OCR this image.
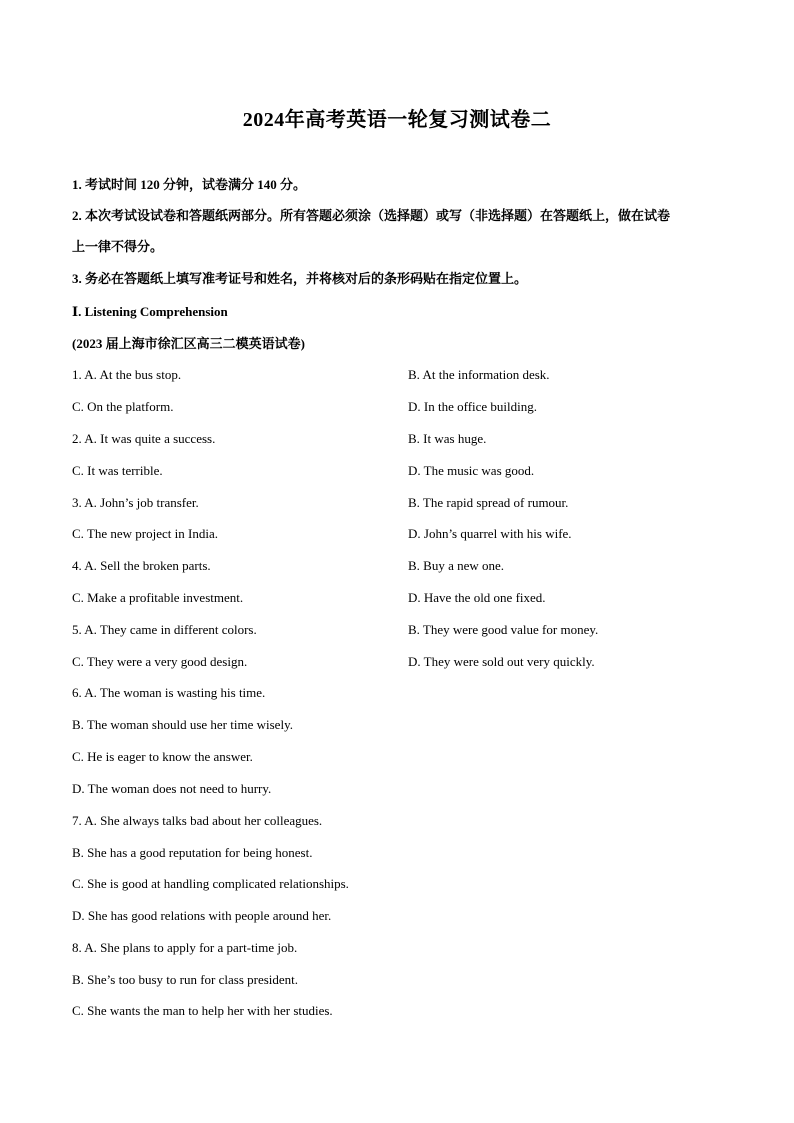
2024年高考英语一轮复习测试卷二
1. 考试时间 120 分钟，试卷满分 140 分。
2. 本次考试设试卷和答题纸两部分。所有答题必须涂（选择题）或写（非选择题）在答题纸上，做在试卷
上一律不得分。
3. 务必在答题纸上填写准考证号和姓名，并将核对后的条形码贴在指定位置上。
Ⅰ. Listening Comprehension
(2023 届上海市徐汇区高三二模英语试卷)
1. A. At the bus stop.	B. At the information desk.
C. On the platform.	D. In the office building.
2. A. It was quite a success.	B. It was huge.
C. It was terrible.	D. The music was good.
3. A. John’s job transfer.	B. The rapid spread of rumour.
C. The new project in India.	D. John’s quarrel with his wife.
4. A. Sell the broken parts.	B. Buy a new one.
C. Make a profitable investment.	D. Have the old one fixed.
5. A. They came in different colors.	B. They were good value for money.
C. They were a very good design.	D. They were sold out very quickly.
6. A. The woman is wasting his time.
B. The woman should use her time wisely.
C. He is eager to know the answer.
D. The woman does not need to hurry.
7. A. She always talks bad about her colleagues.
B. She has a good reputation for being honest.
C. She is good at handling complicated relationships.
D. She has good relations with people around her.
8. A. She plans to apply for a part-time job.
B. She’s too busy to run for class president.
C. She wants the man to help her with her studies.
